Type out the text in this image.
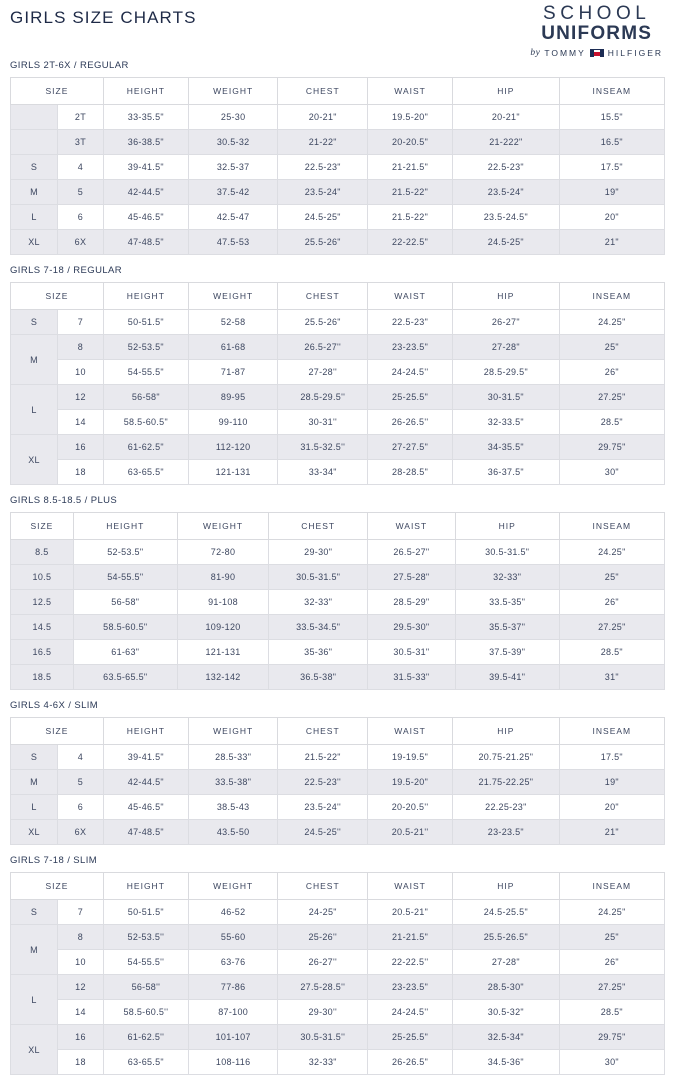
GIRLS SIZE CHARTS	SCHOOL
UNIFORMS
by TOMMY	HILFIGER
GIRLS 2T-6X / REGULAR
SIZE		HEIGHT	WEIGHT	CHEST	WAIST	HIP	INSEAM
	2T	33-35.5"	25-30	20-21"	19.5-20"	20-21"	15.5"
	3T	36-38.5"	30.5-32	21-22"	20-20.5"	21-222"	16.5"
S	4	39-41.5"	32.5-37	22.5-23"	21-21.5"	22.5-23"	17.5"
M	5	42-44.5"	37.5-42	23.5-24"	21.5-22"	23.5-24"	19"
L	6	45-46.5"	42.5-47	24.5-25"	21.5-22"	23.5-24.5"	20"
XL	6X	47-48.5"	47.5-53	25.5-26"	22-22.5"	24.5-25"	21"
GIRLS 7-18 / REGULAR
SIZE		HEIGHT	WEIGHT	CHEST	WAIST	HIP	INSEAM
S	7	50-51.5"	52-58	25.5-26"	22.5-23"	26-27"	24.25"
M	8	52-53.5"	61-68	26.5-27''	23-23.5"	27-28"	25"
	10	54-55.5"	71-87	27-28''	24-24.5''	28.5-29.5"	26"
L	12	56-58"	89-95	28.5-29.5''	25-25.5"	30-31.5"	27.25"
	14	58.5-60.5"	99-110	30-31''	26-26.5''	32-33.5"	28.5"
XL	16	61-62.5"	112-120	31.5-32.5''	27-27.5"	34-35.5"	29.75"
	18	63-65.5"	121-131	33-34"	28-28.5"	36-37.5"	30"
GIRLS 8.5-18.5 / PLUS
SIZE	HEIGHT	WEIGHT	CHEST	WAIST	HIP	INSEAM
8.5	52-53.5"	72-80	29-30"	26.5-27"	30.5-31.5"	24.25"
10.5	54-55.5"	81-90	30.5-31.5"	27.5-28"	32-33"	25"
12.5	56-58"	91-108	32-33"	28.5-29"	33.5-35"	26"
14.5	58.5-60.5"	109-120	33.5-34.5"	29.5-30"	35.5-37"	27.25"
16.5	61-63"	121-131	35-36"	30.5-31"	37.5-39"	28.5"
18.5	63.5-65.5"	132-142	36.5-38"	31.5-33"	39.5-41"	31"
GIRLS 4-6X / SLIM
SIZE		HEIGHT	WEIGHT	CHEST	WAIST	HIP	INSEAM
S	4	39-41.5"	28.5-33"	21.5-22"	19-19.5"	20.75-21.25"	17.5"
M	5	42-44.5"	33.5-38"	22.5-23''	19.5-20"	21.75-22.25"	19"
L	6	45-46.5"	38.5-43	23.5-24''	20-20.5''	22.25-23"	20"
XL	6X	47-48.5"	43.5-50	24.5-25''	20.5-21''	23-23.5"	21"
GIRLS 7-18 / SLIM
SIZE		HEIGHT	WEIGHT	CHEST	WAIST	HIP	INSEAM
S	7	50-51.5"	46-52	24-25"	20.5-21"	24.5-25.5"	24.25"
M	8	52-53.5''	55-60	25-26''	21-21.5"	25.5-26.5"	25"
	10	54-55.5''	63-76	26-27''	22-22.5''	27-28"	26"
L	12	56-58''	77-86	27.5-28.5''	23-23.5"	28.5-30"	27.25"
	14	58.5-60.5''	87-100	29-30''	24-24.5''	30.5-32"	28.5"
XL	16	61-62.5''	101-107	30.5-31.5''	25-25.5"	32.5-34"	29.75"
	18	63-65.5"	108-116	32-33"	26-26.5"	34.5-36"	30"
